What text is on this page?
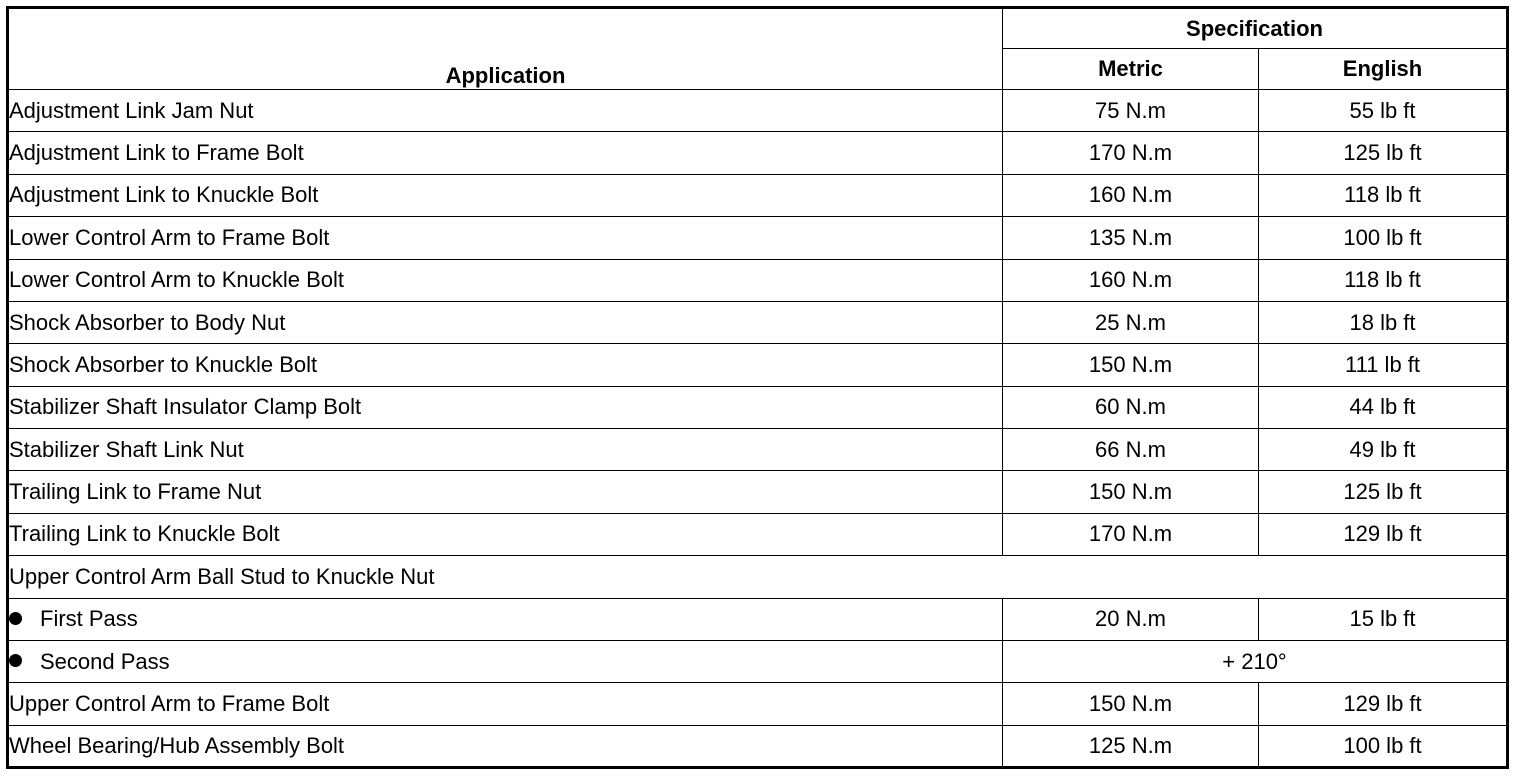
Application	Specification	
	Metric	English
Adjustment Link Jam Nut	75 N.m	55 lb ft
Adjustment Link to Frame Bolt	170 N.m	125 lb ft
Adjustment Link to Knuckle Bolt	160 N.m	118 lb ft
Lower Control Arm to Frame Bolt	135 N.m	100 lb ft
Lower Control Arm to Knuckle Bolt	160 N.m	118 lb ft
Shock Absorber to Body Nut	25 N.m	18 lb ft
Shock Absorber to Knuckle Bolt	150 N.m	111 lb ft
Stabilizer Shaft Insulator Clamp Bolt	60 N.m	44 lb ft
Stabilizer Shaft Link Nut	66 N.m	49 lb ft
Trailing Link to Frame Nut	150 N.m	125 lb ft
Trailing Link to Knuckle Bolt	170 N.m	129 lb ft
Upper Control Arm Ball Stud to Knuckle Nut		
First Pass	20 N.m	15 lb ft
Second Pass	+ 210°	
Upper Control Arm to Frame Bolt	150 N.m	129 lb ft
Wheel Bearing/Hub Assembly Bolt	125 N.m	100 lb ft
